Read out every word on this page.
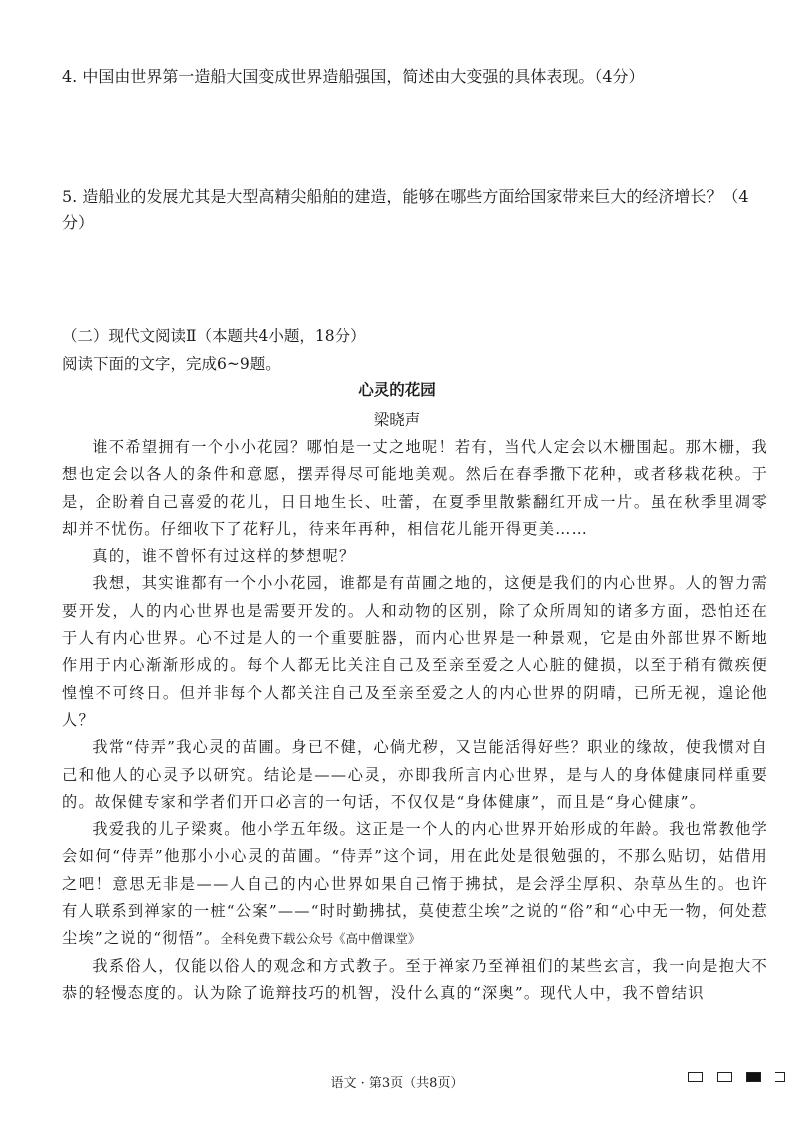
4. 中国由世界第一造船大国变成世界造船强国，简述由大变强的具体表现。（4分）

5. 造船业的发展尤其是大型高精尖船舶的建造，能够在哪些方面给国家带来巨大的经济增长？（4分）

（二）现代文阅读Ⅱ（本题共4小题，18分）

阅读下面的文字，完成6~9题。

心灵的花园

梁晓声

谁不希望拥有一个小小花园？哪怕是一丈之地呢！若有，当代人定会以木栅围起。那木栅，我想也定会以各人的条件和意愿，摆弄得尽可能地美观。然后在春季撒下花种，或者移栽花秧。于是，企盼着自己喜爱的花儿，日日地生长、吐蕾，在夏季里散紫翻红开成一片。虽在秋季里凋零却并不忧伤。仔细收下了花籽儿，待来年再种，相信花儿能开得更美……

真的，谁不曾怀有过这样的梦想呢？

我想，其实谁都有一个小小花园，谁都是有苗圃之地的，这便是我们的内心世界。人的智力需要开发，人的内心世界也是需要开发的。人和动物的区别，除了众所周知的诸多方面，恐怕还在于人有内心世界。心不过是人的一个重要脏器，而内心世界是一种景观，它是由外部世界不断地作用于内心渐渐形成的。每个人都无比关注自己及至亲至爱之人心脏的健损，以至于稍有微疾便惶惶不可终日。但并非每个人都关注自己及至亲至爱之人的内心世界的阴晴，已所无视，遑论他人？

我常“侍弄”我心灵的苗圃。身已不健，心倘尤秽，又岂能活得好些？职业的缘故，使我惯对自己和他人的心灵予以研究。结论是——心灵，亦即我所言内心世界，是与人的身体健康同样重要的。故保健专家和学者们开口必言的一句话，不仅仅是“身体健康”，而且是“身心健康”。

我爱我的儿子梁爽。他小学五年级。这正是一个人的内心世界开始形成的年龄。我也常教他学会如何“侍弄”他那小小心灵的苗圃。“侍弄”这个词，用在此处是很勉强的，不那么贴切，姑借用之吧！意思无非是——人自己的内心世界如果自己惰于拂拭，是会浮尘厚积、杂草丛生的。也许有人联系到禅家的一桩“公案”——“时时勤拂拭，莫使惹尘埃”之说的“俗”和“心中无一物，何处惹尘埃”之说的“彻悟”。全科免费下载公众号《高中僧课堂》

我系俗人，仅能以俗人的观念和方式教子。至于禅家乃至禅祖们的某些玄言，我一向是抱大不恭的轻慢态度的。认为除了诡辩技巧的机智，没什么真的“深奥”。现代人中，我不曾结识

语文 · 第3页（共8页）
